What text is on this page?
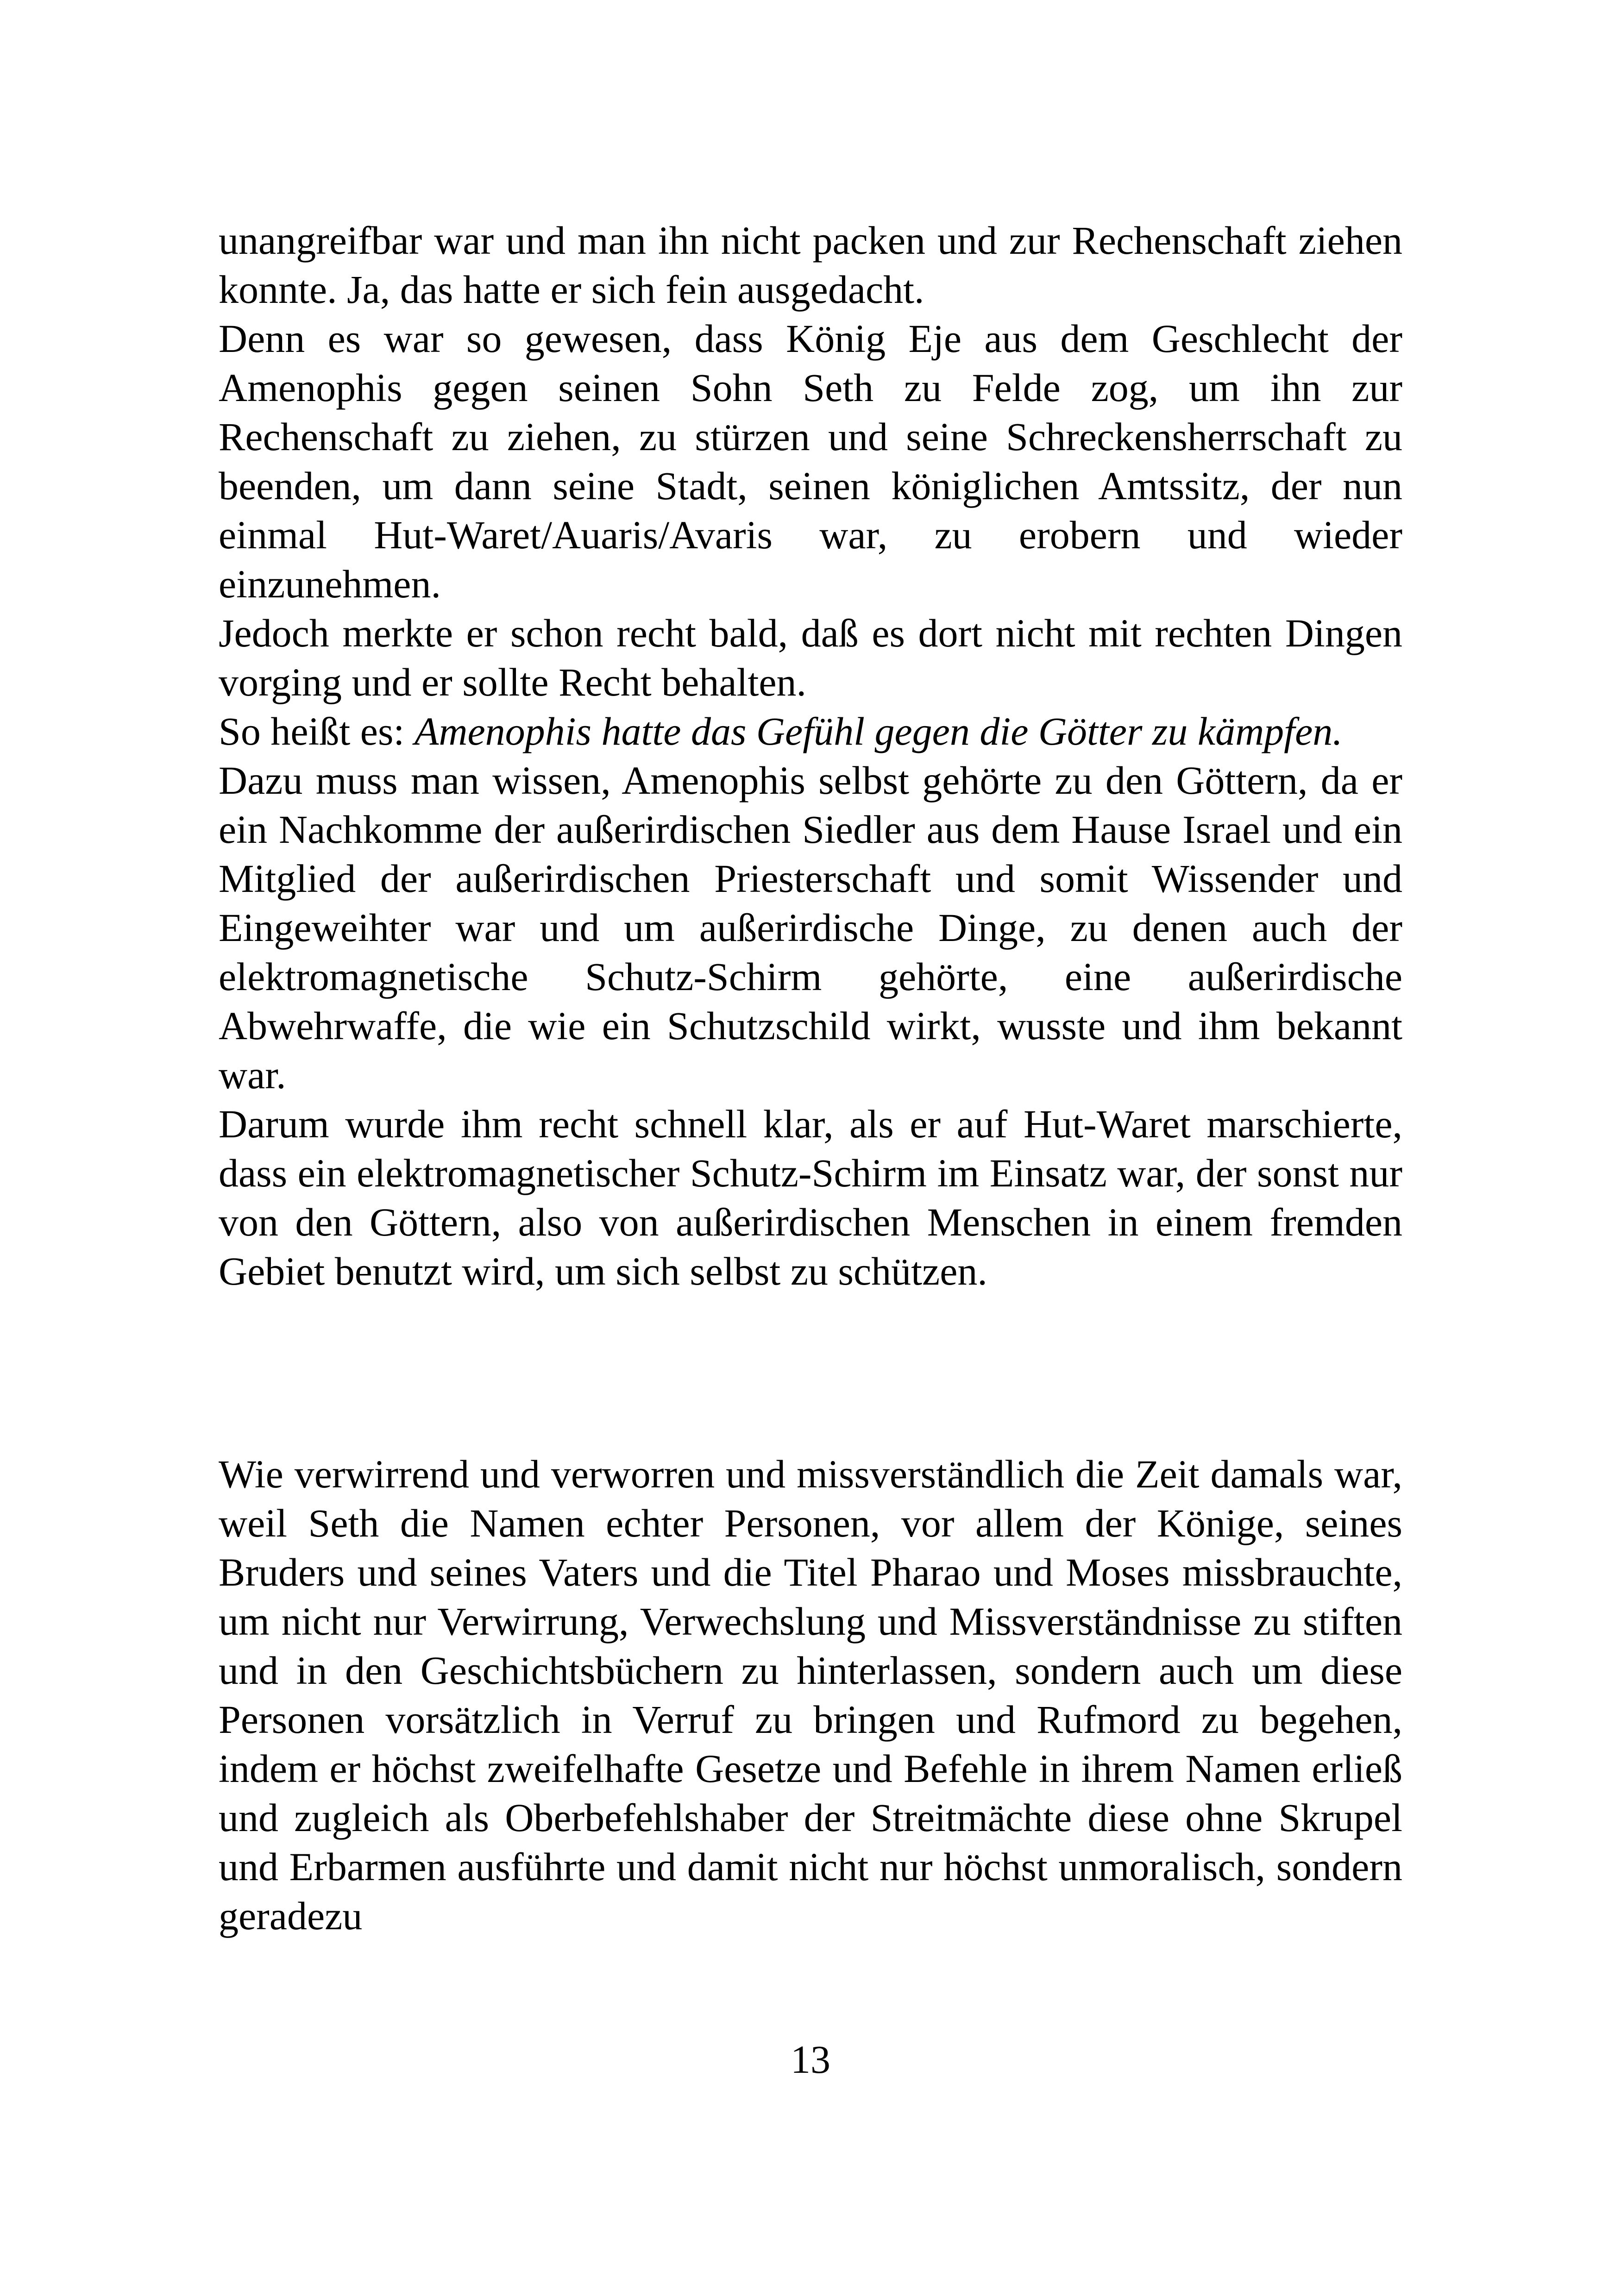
unangreifbar war und man ihn nicht packen und zur Rechenschaft ziehen konnte. Ja, das hatte er sich fein ausgedacht.

Denn es war so gewesen, dass König Eje aus dem Geschlecht der Amenophis gegen seinen Sohn Seth zu Felde zog, um ihn zur Rechenschaft zu ziehen, zu stürzen und seine Schreckensherrschaft zu beenden, um dann seine Stadt, seinen königlichen Amtssitz, der nun einmal Hut-Waret/Auaris/Avaris war, zu erobern und wieder einzunehmen.

Jedoch merkte er schon recht bald, daß es dort nicht mit rechten Dingen vorging und er sollte Recht behalten.

So heißt es: Amenophis hatte das Gefühl gegen die Götter zu kämpfen.

Dazu muss man wissen, Amenophis selbst gehörte zu den Göttern, da er ein Nachkomme der außerirdischen Siedler aus dem Hause Israel und ein Mitglied der außerirdischen Priesterschaft und somit Wissender und Eingeweihter war und um außerirdische Dinge, zu denen auch der elektromagnetische Schutz-Schirm gehörte, eine außerirdische Abwehrwaffe, die wie ein Schutzschild wirkt, wusste und ihm bekannt war.

Darum wurde ihm recht schnell klar, als er auf Hut-Waret marschierte, dass ein elektromagnetischer Schutz-Schirm im Einsatz war, der sonst nur von den Göttern, also von außerirdischen Menschen in einem fremden Gebiet benutzt wird, um sich selbst zu schützen.

Wie verwirrend und verworren und missverständlich die Zeit damals war, weil Seth die Namen echter Personen, vor allem der Könige, seines Bruders und seines Vaters und die Titel Pharao und Moses missbrauchte, um nicht nur Verwirrung, Verwechslung und Missverständnisse zu stiften und in den Geschichtsbüchern zu hinterlassen, sondern auch um diese Personen vorsätzlich in Verruf zu bringen und Rufmord zu begehen, indem er höchst zweifelhafte Gesetze und Befehle in ihrem Namen erließ und zugleich als Oberbefehlshaber der Streitmächte diese ohne Skrupel und Erbarmen ausführte und damit nicht nur höchst unmoralisch, sondern geradezu

13
